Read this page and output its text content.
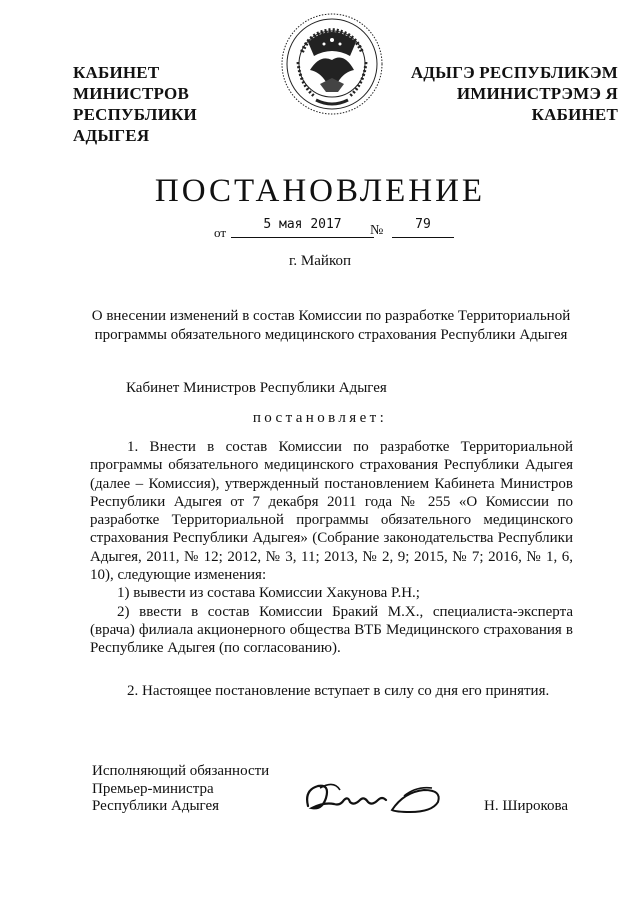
КАБИНЕТ МИНИСТРОВ
РЕСПУБЛИКИ АДЫГЕЯ
АДЫГЭ РЕСПУБЛИКЭМ
ИМИНИСТРЭМЭ Я КАБИНЕТ
ПОСТАНОВЛЕНИЕ
от
5 мая 2017	№	79
г. Майкоп
О внесении изменений в состав Комиссии по разработке Территориальной программы обязательного медицинского страхования Республики Адыгея
Кабинет Министров Республики Адыгея
постановляет:

1. Внести в состав Комиссии по разработке Территориальной программы обязательного медицинского страхования Республики Адыгея (далее – Комиссия), утвержденный постановлением Кабинета Министров Республики Адыгея от 7 декабря 2011 года № 255 «О Комиссии по разработке Территориальной программы обязательного медицинского страхования Республики Адыгея» (Собрание законодательства Республики Адыгея, 2011, № 12; 2012, № 3, 11; 2013, № 2, 9; 2015, № 7; 2016, № 1, 6, 10), следующие изменения:

1) вывести из состава Комиссии Хакунова Р.Н.;

2) ввести в состав Комиссии Бракий М.Х., специалиста-эксперта (врача) филиала акционерного общества ВТБ Медицинского страхования в Республике Адыгея (по согласованию).

2. Настоящее постановление вступает в силу со дня его принятия.

Исполняющий обязанности
Премьер-министра
Республики Адыгея	Н. Широкова
